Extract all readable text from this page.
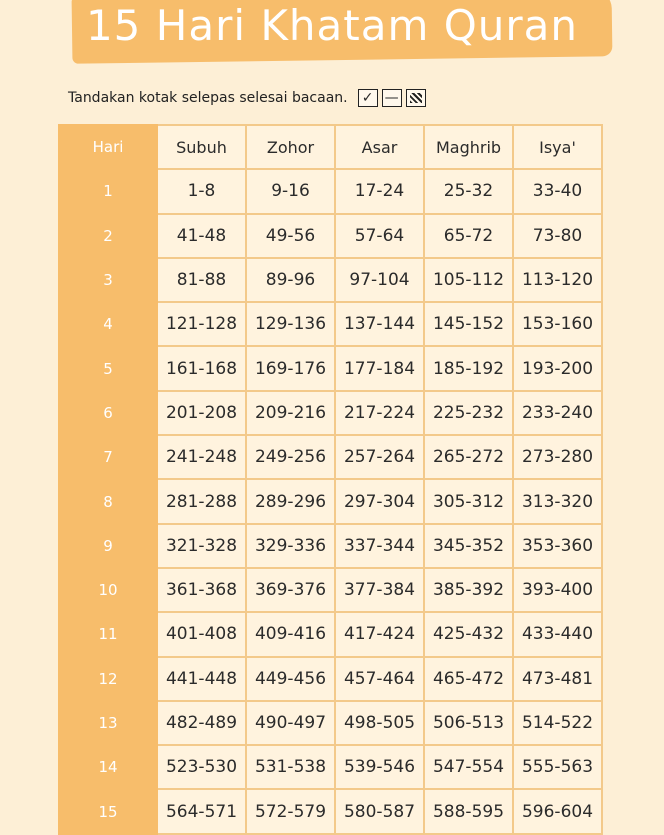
15 Hari Khatam Quran
Tandakan kotak selepas selesai bacaan. ✓ —
Hari	Subuh	Zohor	Asar	Maghrib	Isya'
1	1-8	9-16	17-24	25-32	33-40
2	41-48	49-56	57-64	65-72	73-80
3	81-88	89-96	97-104	105-112	113-120
4	121-128	129-136	137-144	145-152	153-160
5	161-168	169-176	177-184	185-192	193-200
6	201-208	209-216	217-224	225-232	233-240
7	241-248	249-256	257-264	265-272	273-280
8	281-288	289-296	297-304	305-312	313-320
9	321-328	329-336	337-344	345-352	353-360
10	361-368	369-376	377-384	385-392	393-400
11	401-408	409-416	417-424	425-432	433-440
12	441-448	449-456	457-464	465-472	473-481
13	482-489	490-497	498-505	506-513	514-522
14	523-530	531-538	539-546	547-554	555-563
15	564-571	572-579	580-587	588-595	596-604
